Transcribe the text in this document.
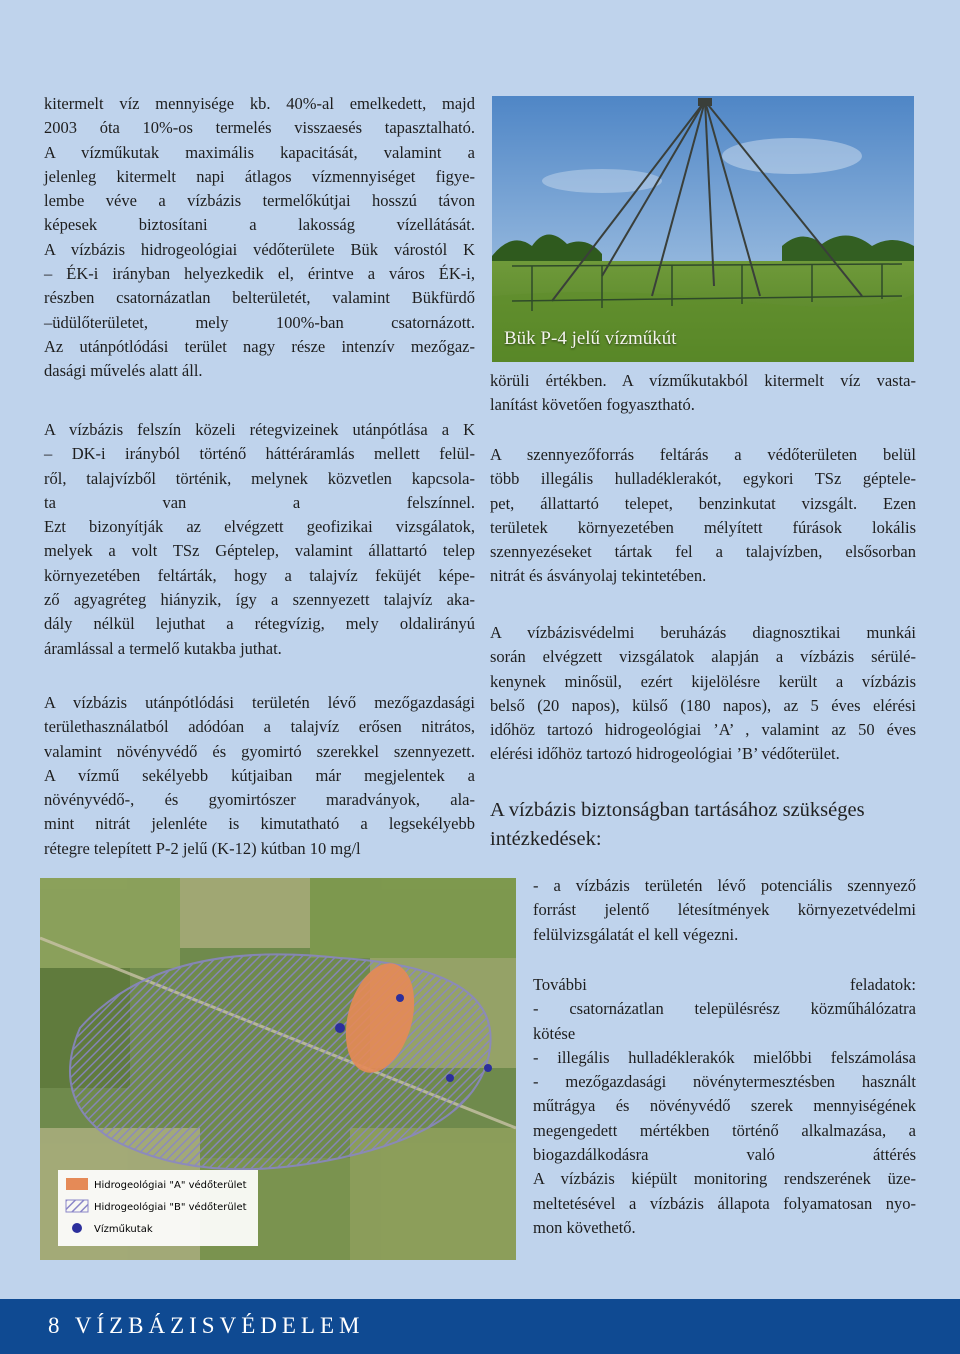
kitermelt víz mennyisége kb. 40%-al emelkedett, majd
2003 óta 10%-os termelés visszaesés tapasztalható.
A vízműkutak maximális kapacitását, valamint a
jelenleg kitermelt napi átlagos vízmennyiséget figye-
lembe véve a vízbázis termelőkútjai hosszú távon
képesek biztosítani a lakosság vízellátását.
A vízbázis hidrogeológiai védőterülete Bük várostól K
– ÉK-i irányban helyezkedik el, érintve a város ÉK-i,
részben csatornázatlan belterületét, valamint Bükfürdő
–üdülőterületet, mely 100%-ban csatornázott.
Az utánpótlódási terület nagy része intenzív mezőgaz-
dasági művelés alatt áll.
A vízbázis felszín közeli rétegvizeinek utánpótlása a K
– DK-i irányból történő háttéráramlás mellett felül-
ről, talajvízből történik, melynek közvetlen kapcsola-
ta van a felszínnel.
Ezt bizonyítják az elvégzett geofizikai vizsgálatok,
melyek a volt TSz Géptelep, valamint állattartó telep
környezetében feltárták, hogy a talajvíz feküjét képe-
ző agyagréteg hiányzik, így a szennyezett talajvíz aka-
dály nélkül lejuthat a rétegvízig, mely oldalirányú
áramlással a termelő kutakba juthat.
A vízbázis utánpótlódási területén lévő mezőgazdasági
területhasználatból adódóan a talajvíz erősen nitrátos,
valamint növényvédő és gyomirtó szerekkel szennyezett.
A vízmű sekélyebb kútjaiban már megjelentek a
növényvédő-, és gyomirtószer maradványok, ala-
mint nitrát jelenléte is kimutatható a legsekélyebb
rétegre telepített P-2 jelű (K-12) kútban 10 mg/l
Bük P-4 jelű vízműkút
körüli értékben. A vízműkutakból kitermelt víz vasta-
lanítást követően fogyasztható.
A szennyezőforrás feltárás a védőterületen belül
több illegális hulladéklerakót, egykori TSz géptele-
pet, állattartó telepet, benzinkutat vizsgált. Ezen
területek környezetében mélyített fúrások lokális
szennyezéseket tártak fel a talajvízben, elsősorban
nitrát és ásványolaj tekintetében.
A vízbázisvédelmi beruházás diagnosztikai munkái
során elvégzett vizsgálatok alapján a vízbázis sérülé-
kenynek minősül, ezért kijelölésre került a vízbázis
belső (20 napos), külső (180 napos), az 5 éves elérési
időhöz tartozó hidrogeológiai ’A’ , valamint az 50 éves
elérési időhöz tartozó hidrogeológiai ’B’ védőterület.
A vízbázis biztonságban tartásához szükséges
intézkedések:
- a vízbázis területén lévő potenciális szennyező
forrást jelentő létesítmények környezetvédelmi
felülvizsgálatát el kell végezni.
További feladatok:
- csatornázatlan településrész közműhálózatra
kötése
- illegális hulladéklerakók mielőbbi felszámolása
- mezőgazdasági növénytermesztésben használt
műtrágya és növényvédő szerek mennyiségének
megengedett mértékben történő alkalmazása, a
biogazdálkodásra való áttérés
A vízbázis kiépült monitoring rendszerének üze-
meltetésével a vízbázis állapota folyamatosan nyo-
mon követhető.
Hidrogeológiai "A" védőterület
Hidrogeológiai "B" védőterület
Vízműkutak
8 VÍZBÁZISVÉDELEM
